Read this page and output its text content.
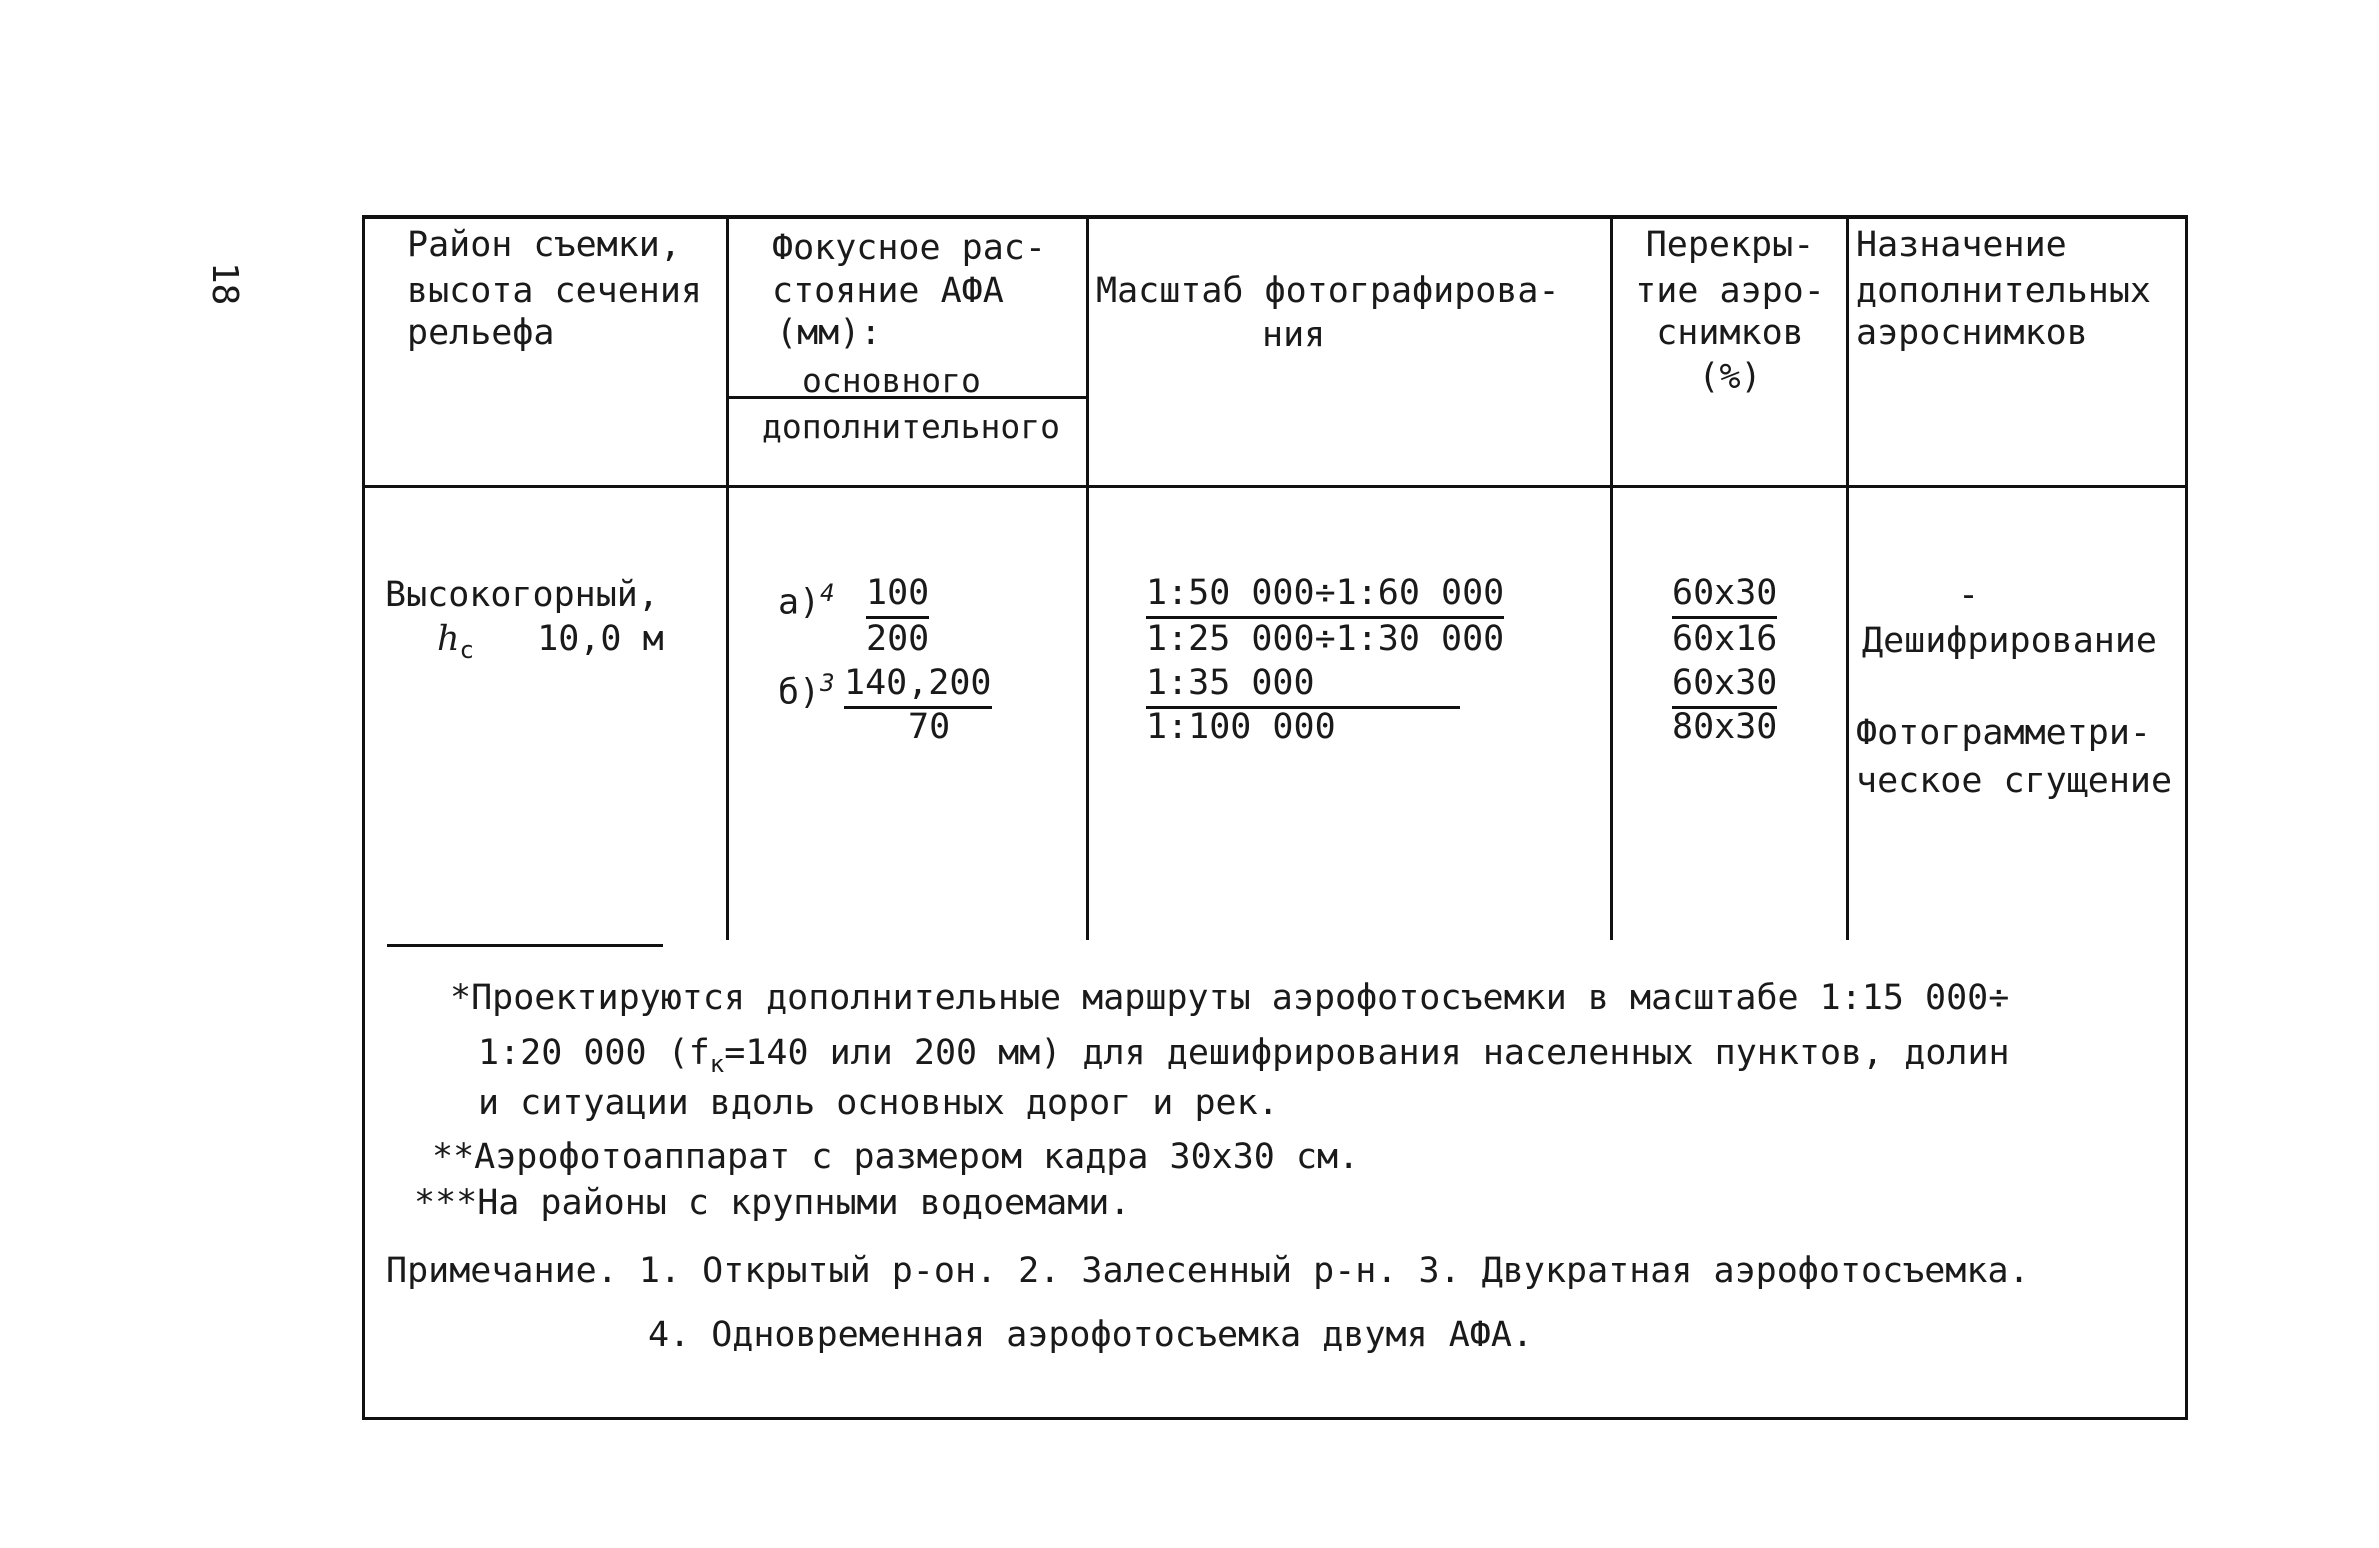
18
Район съемки,
высота сечения
рельефа
Фокусное рас-
стояние АФА
(мм):
основного
дополнительного
Масштаб фотографирова-
ния
Перекры-
тие аэро-
снимков
(%)
Назначение
дополнительных
аэроснимков
Высокогорный,
$h_с$ 10,0 м
а)$^4$ 100
200
б)$^3$ 140,200
70
1:50 000÷1:60 000
1:25 000÷1:30 000
1:35 000
1:100 000
60x30
60x16
60x30
80x30
-
Дешифрирование
Фотограмметри-
ческое сгущение
*Проектируются дополнительные маршруты аэрофотосъемки в масштабе 1:15 000÷
1:20 000 ($f_к=140$ или 200 мм) для дешифрирования населенных пунктов, долин
и ситуации вдоль основных дорог и рек.
**Аэрофотоаппарат с размером кадра 30x30 см.
***На районы с крупными водоемами.
Примечание. 1. Открытый р-он. 2. Залесенный р-н. 3. Двукратная аэрофотосъемка.
4. Одновременная аэрофотосъемка двумя АФА.
